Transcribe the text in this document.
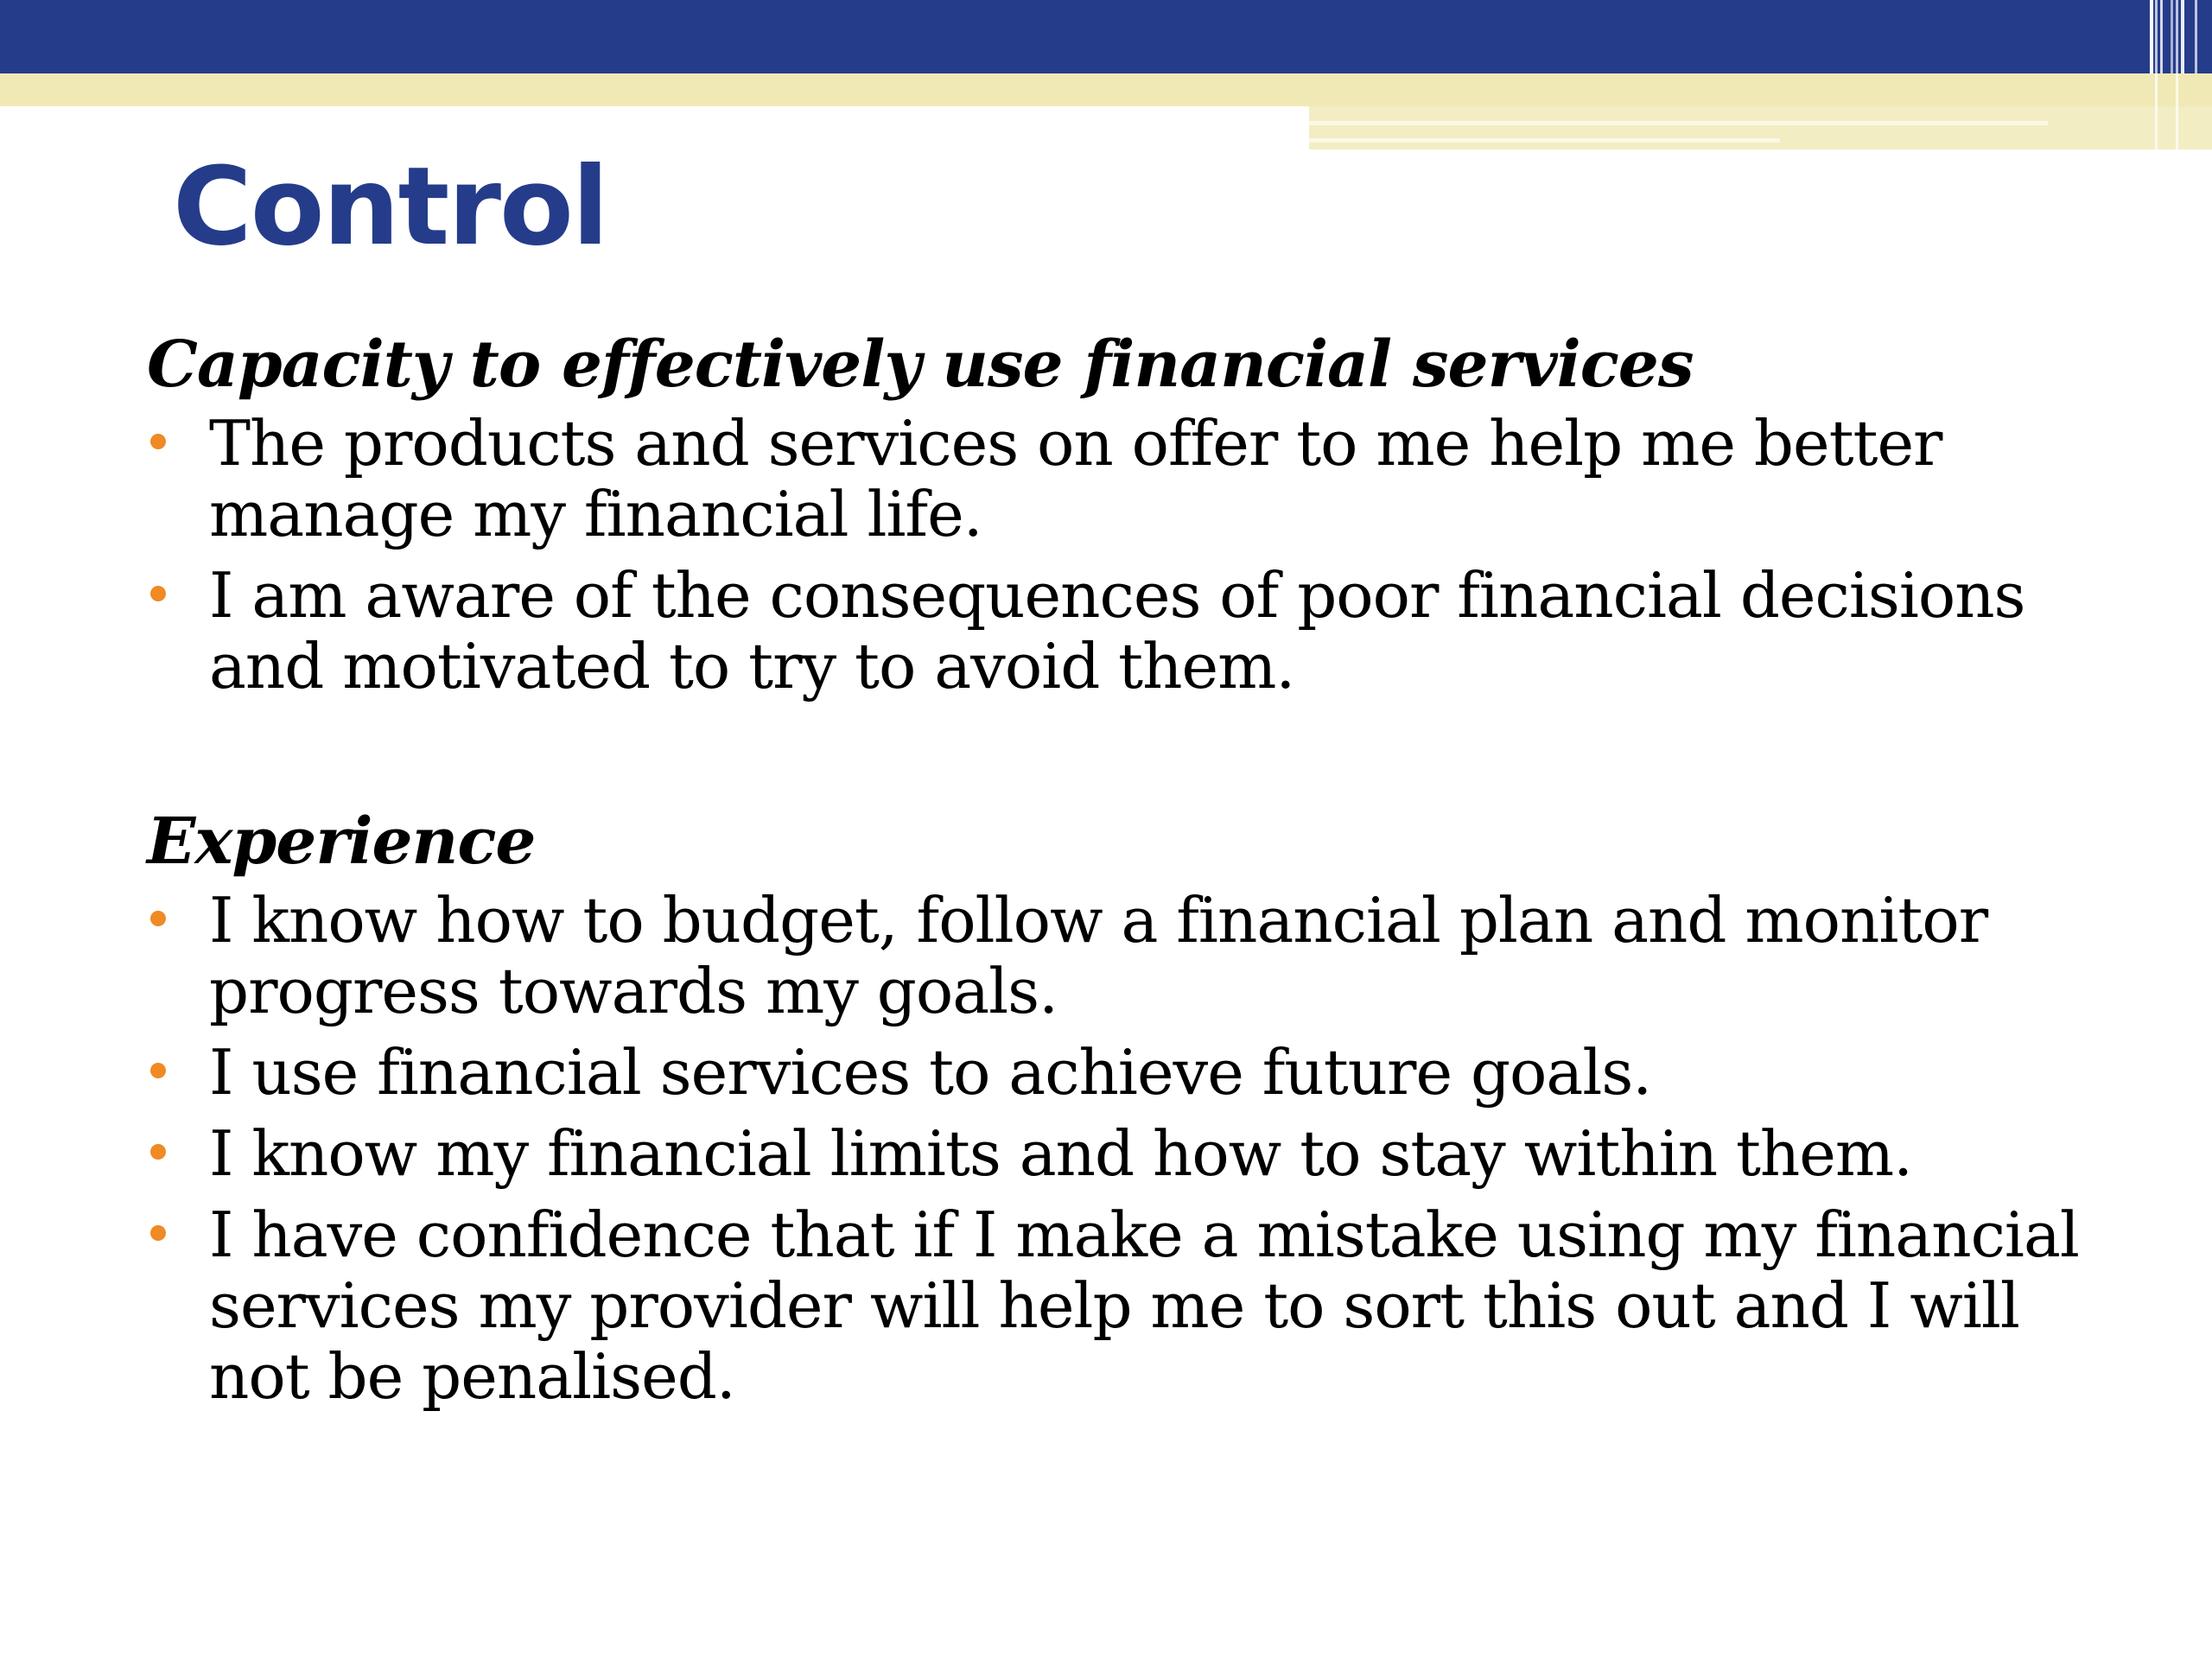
Control

Capacity to effectively use financial services

The products and services on offer to me help me better manage my financial life.
I am aware of the consequences of poor financial decisions and motivated to try to avoid them.

Experience

I know how to budget, follow a financial plan and monitor progress towards my goals.
I use financial services to achieve future goals.
I know my financial limits and how to stay within them.
I have confidence that if I make a mistake using my financial services my provider will help me to sort this out and I will not be penalised.
